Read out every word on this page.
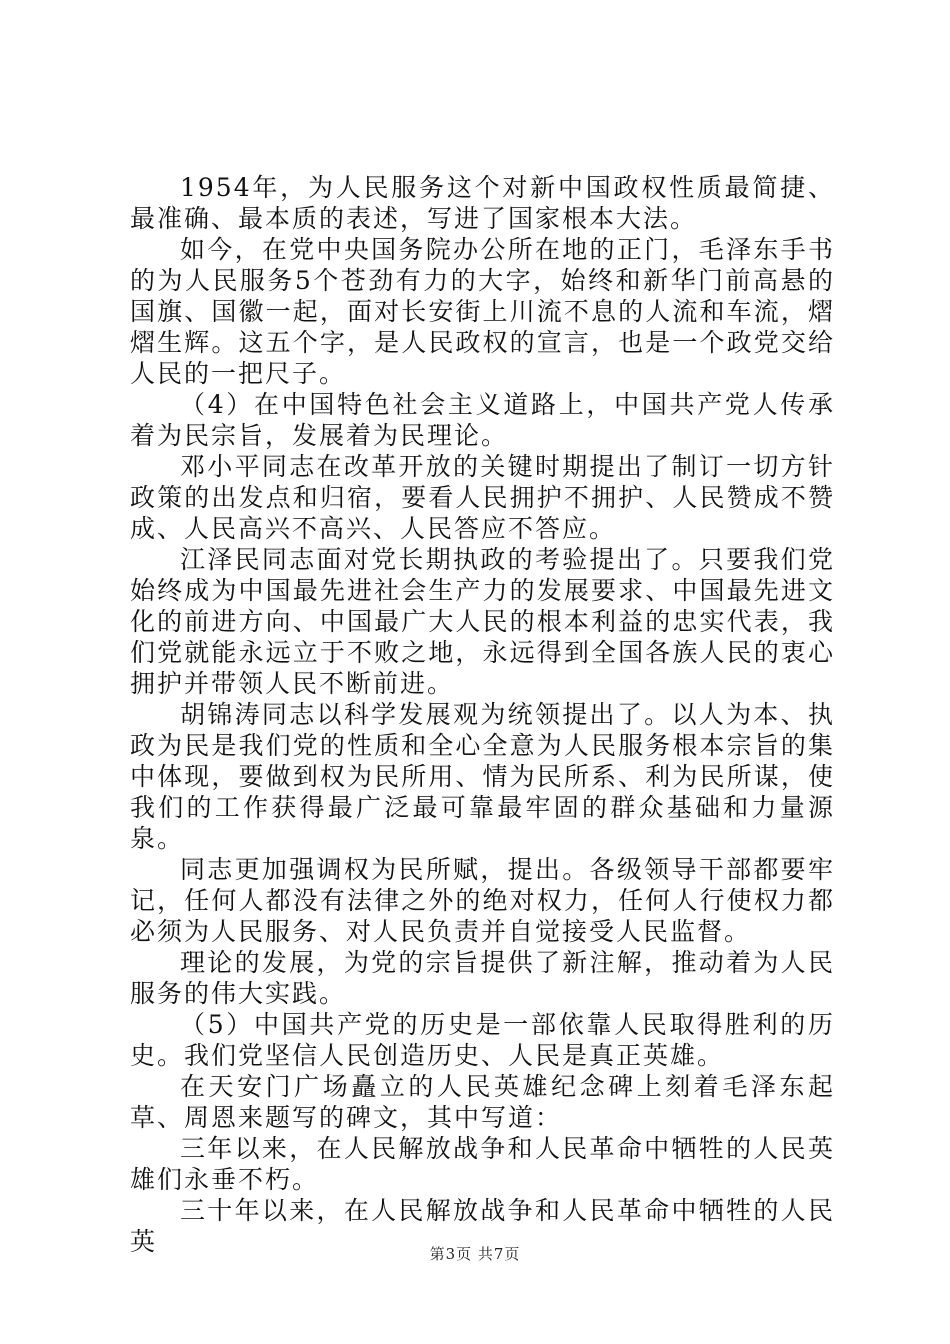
1954年，为人民服务这个对新中国政权性质最简捷、最准确、最本质的表述，写进了国家根本大法。

如今，在党中央国务院办公所在地的正门，毛泽东手书的为人民服务5个苍劲有力的大字，始终和新华门前高悬的国旗、国徽一起，面对长安街上川流不息的人流和车流，熠熠生辉。这五个字，是人民政权的宣言，也是一个政党交给人民的一把尺子。

（4）在中国特色社会主义道路上，中国共产党人传承着为民宗旨，发展着为民理论。

邓小平同志在改革开放的关键时期提出了制订一切方针政策的出发点和归宿，要看人民拥护不拥护、人民赞成不赞成、人民高兴不高兴、人民答应不答应。

江泽民同志面对党长期执政的考验提出了。只要我们党始终成为中国最先进社会生产力的发展要求、中国最先进文化的前进方向、中国最广大人民的根本利益的忠实代表，我们党就能永远立于不败之地，永远得到全国各族人民的衷心拥护并带领人民不断前进。

胡锦涛同志以科学发展观为统领提出了。以人为本、执政为民是我们党的性质和全心全意为人民服务根本宗旨的集中体现，要做到权为民所用、情为民所系、利为民所谋，使我们的工作获得最广泛最可靠最牢固的群众基础和力量源泉。

同志更加强调权为民所赋，提出。各级领导干部都要牢记，任何人都没有法律之外的绝对权力，任何人行使权力都必须为人民服务、对人民负责并自觉接受人民监督。

理论的发展，为党的宗旨提供了新注解，推动着为人民服务的伟大实践。

（5）中国共产党的历史是一部依靠人民取得胜利的历史。我们党坚信人民创造历史、人民是真正英雄。

在天安门广场矗立的人民英雄纪念碑上刻着毛泽东起草、周恩来题写的碑文，其中写道：

三年以来，在人民解放战争和人民革命中牺牲的人民英雄们永垂不朽。

三十年以来，在人民解放战争和人民革命中牺牲的人民英	第3页 共7页
